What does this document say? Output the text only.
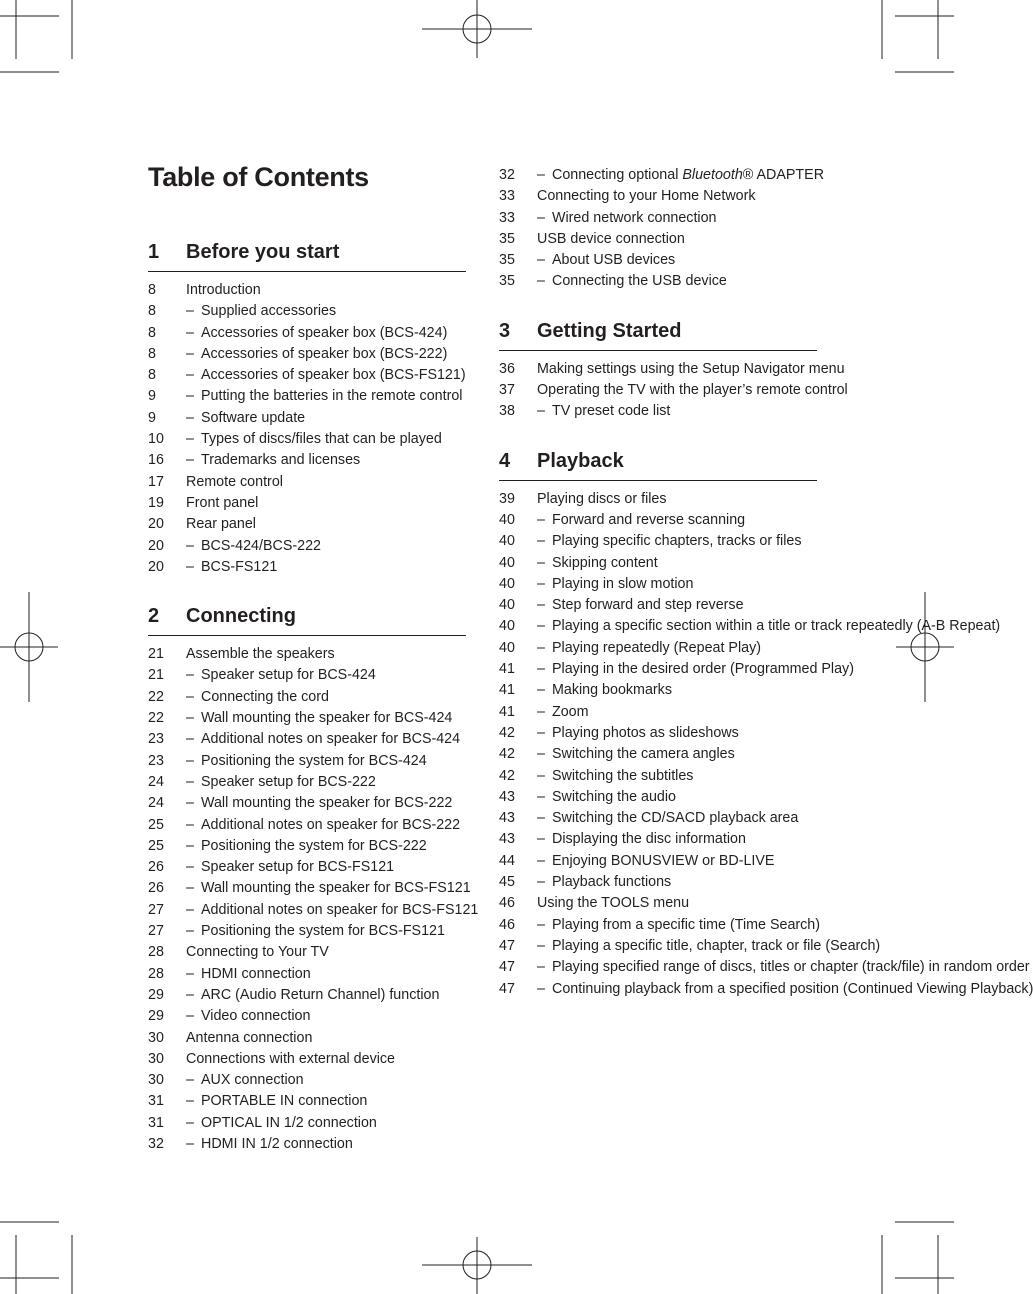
Table of Contents
1	Before you start
8	Introduction
8	– Supplied accessories
8	– Accessories of speaker box (BCS-424)
8	– Accessories of speaker box (BCS-222)
8	– Accessories of speaker box (BCS-FS121)
9	– Putting the batteries in the remote control
9	– Software update
10	– Types of discs/files that can be played
16	– Trademarks and licenses
17	Remote control
19	Front panel
20	Rear panel
20	– BCS-424/BCS-222
20	– BCS-FS121
2	Connecting
21	Assemble the speakers
21	– Speaker setup for BCS-424
22	– Connecting the cord
22	– Wall mounting the speaker for BCS-424
23	– Additional notes on speaker for BCS-424
23	– Positioning the system for BCS-424
24	– Speaker setup for BCS-222
24	– Wall mounting the speaker for BCS-222
25	– Additional notes on speaker for BCS-222
25	– Positioning the system for BCS-222
26	– Speaker setup for BCS-FS121
26	– Wall mounting the speaker for BCS-FS121
27	– Additional notes on speaker for BCS-FS121
27	– Positioning the system for BCS-FS121
28	Connecting to Your TV
28	– HDMI connection
29	– ARC (Audio Return Channel) function
29	– Video connection
30	Antenna connection
30	Connections with external device
30	– AUX connection
31	– PORTABLE IN connection
31	– OPTICAL IN 1/2 connection
32	– HDMI IN 1/2 connection
32	– Connecting optional Bluetooth® ADAPTER
33	Connecting to your Home Network
33	– Wired network connection
35	USB device connection
35	– About USB devices
35	– Connecting the USB device
3	Getting Started
36	Making settings using the Setup Navigator menu
37	Operating the TV with the player’s remote control
38	– TV preset code list
4	Playback
39	Playing discs or files
40	– Forward and reverse scanning
40	– Playing specific chapters, tracks or files
40	– Skipping content
40	– Playing in slow motion
40	– Step forward and step reverse
40	– Playing a specific section within a title or track repeatedly (A-B Repeat)
40	– Playing repeatedly (Repeat Play)
41	– Playing in the desired order (Programmed Play)
41	– Making bookmarks
41	– Zoom
42	– Playing photos as slideshows
42	– Switching the camera angles
42	– Switching the subtitles
43	– Switching the audio
43	– Switching the CD/SACD playback area
43	– Displaying the disc information
44	– Enjoying BONUSVIEW or BD-LIVE
45	– Playback functions
46	Using the TOOLS menu
46	– Playing from a specific time (Time Search)
47	– Playing a specific title, chapter, track or file (Search)
47	– Playing specified range of discs, titles or chapter (track/file) in random order
47	– Continuing playback from a specified position (Continued Viewing Playback)
